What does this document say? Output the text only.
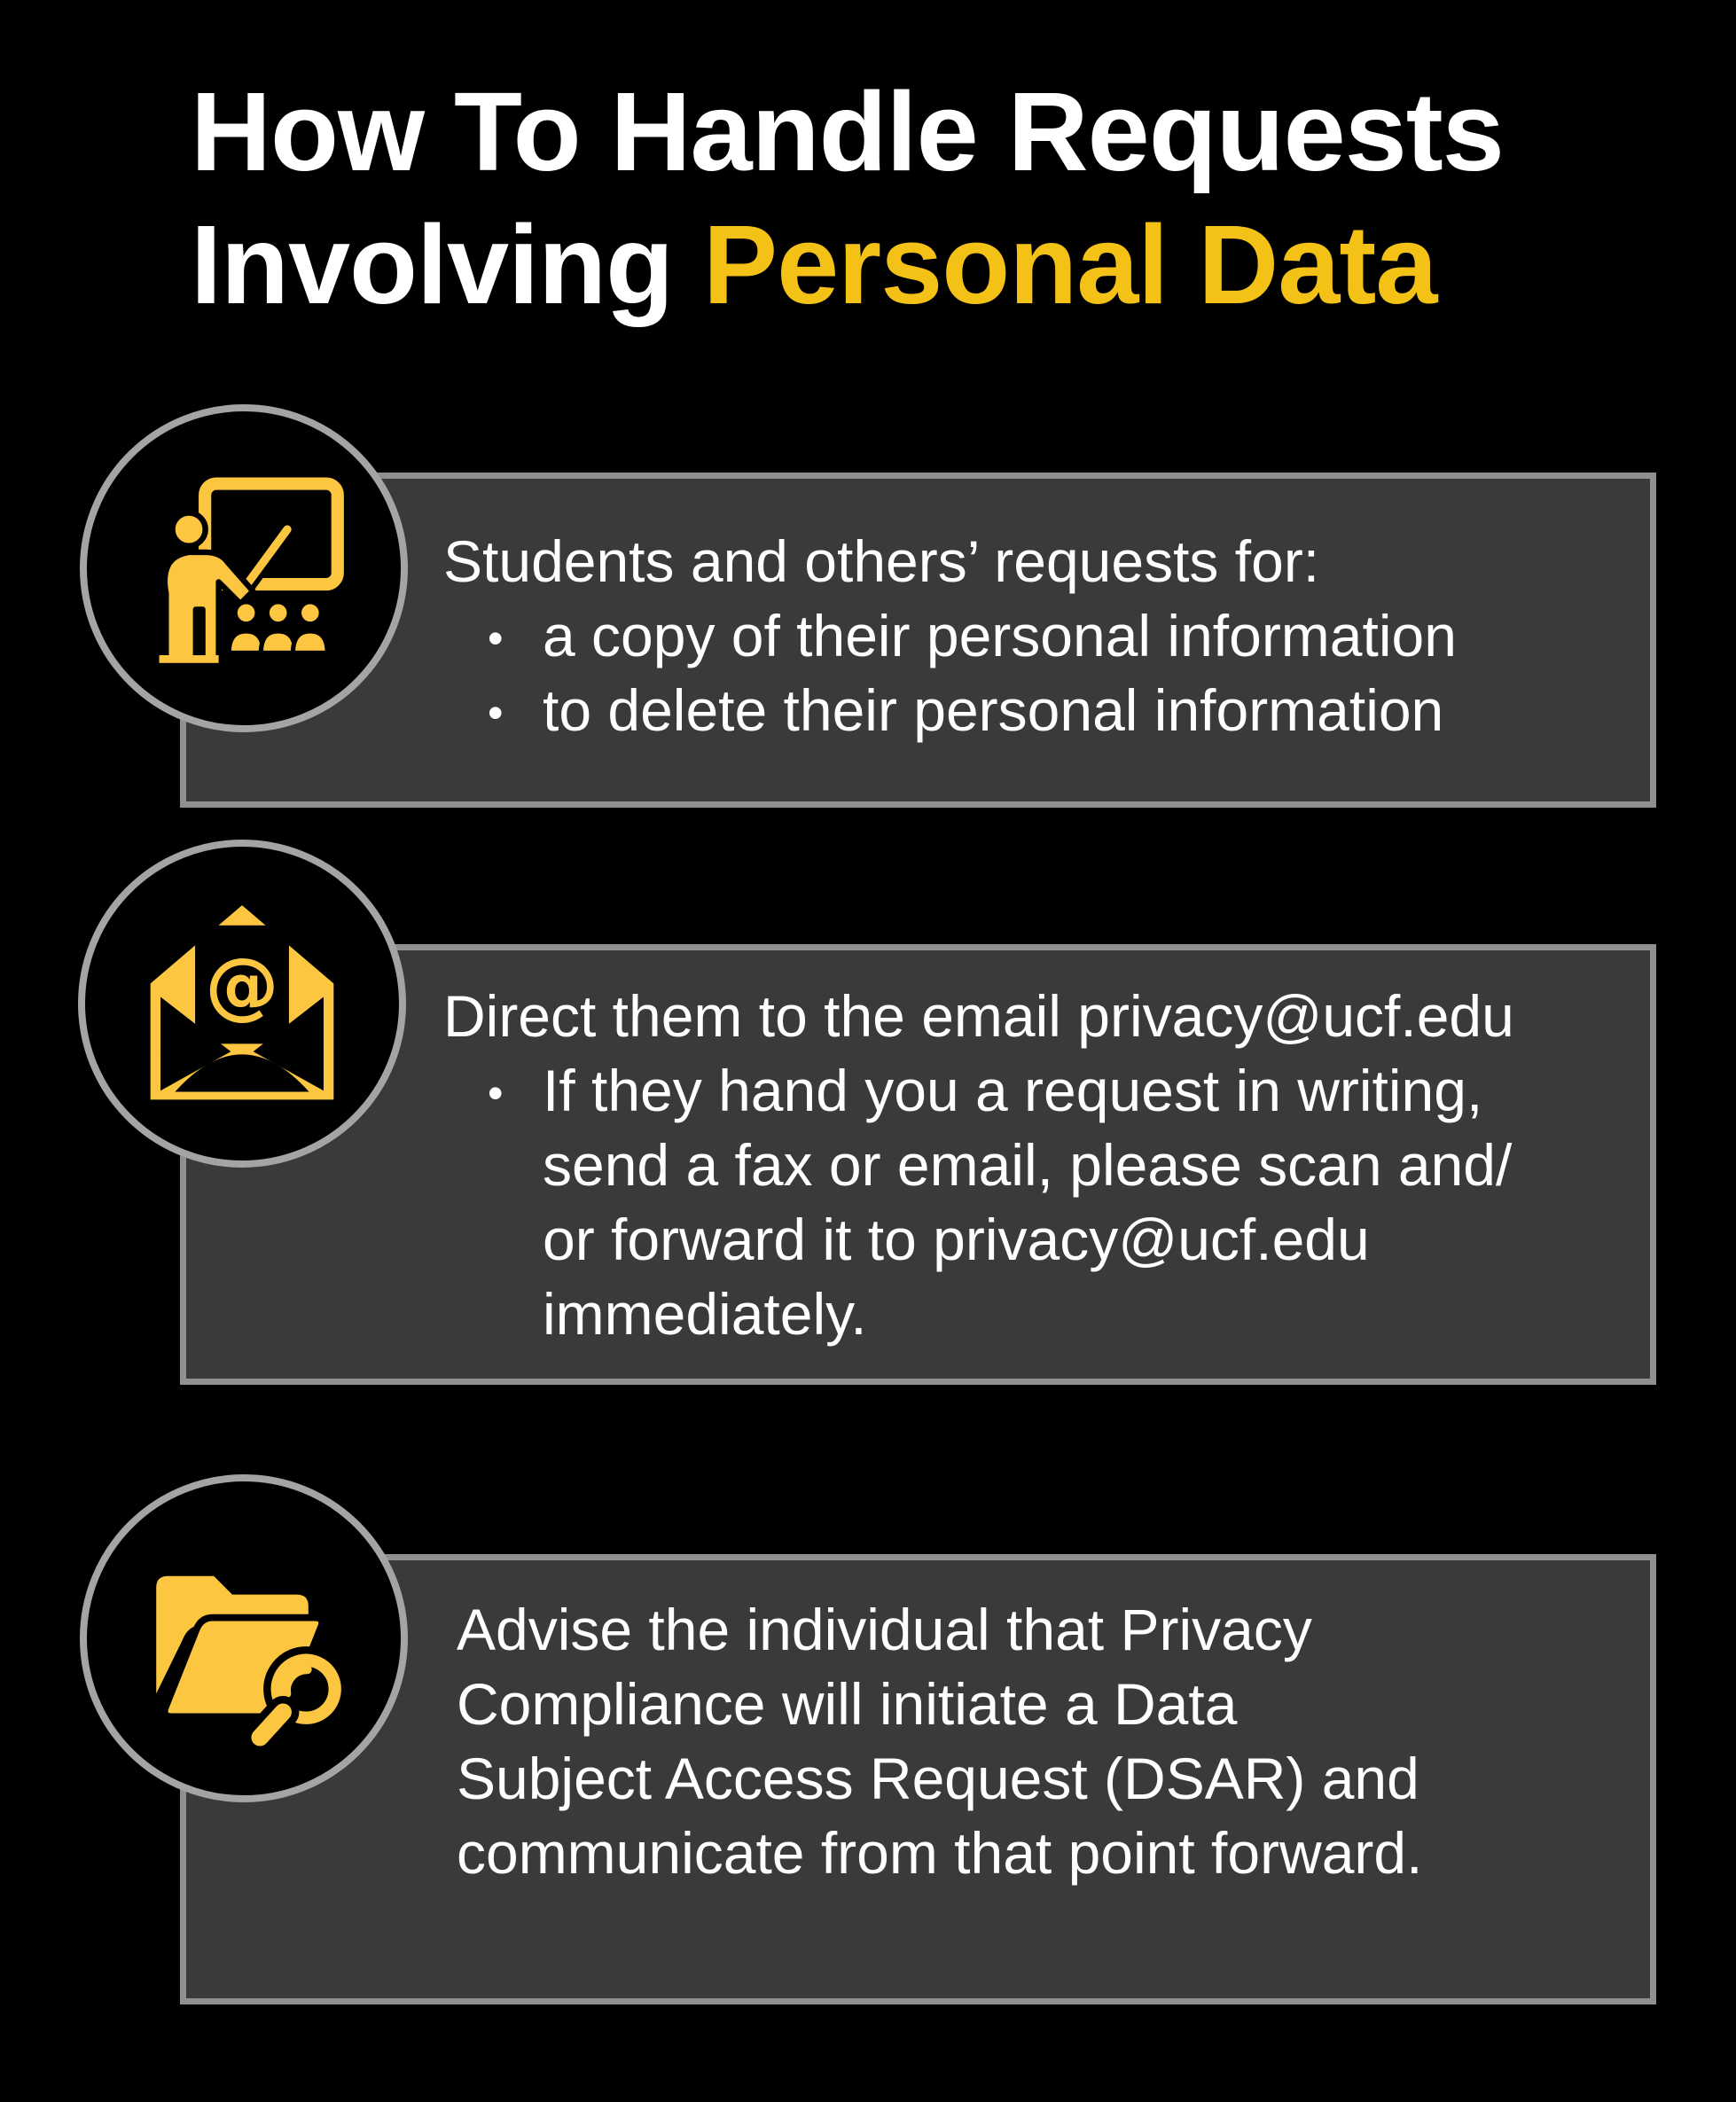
How To Handle Requests
Involving Personal Data
Students and others’ requests for:
• a copy of their personal information
• to delete their personal information
Direct them to the email privacy@ucf.edu
• If they hand you a request in writing,
send a fax or email, please scan and/
or forward it to privacy@ucf.edu
immediately.
Advise the individual that Privacy
Compliance will initiate a Data
Subject Access Request (DSAR) and
communicate from that point forward.
@
